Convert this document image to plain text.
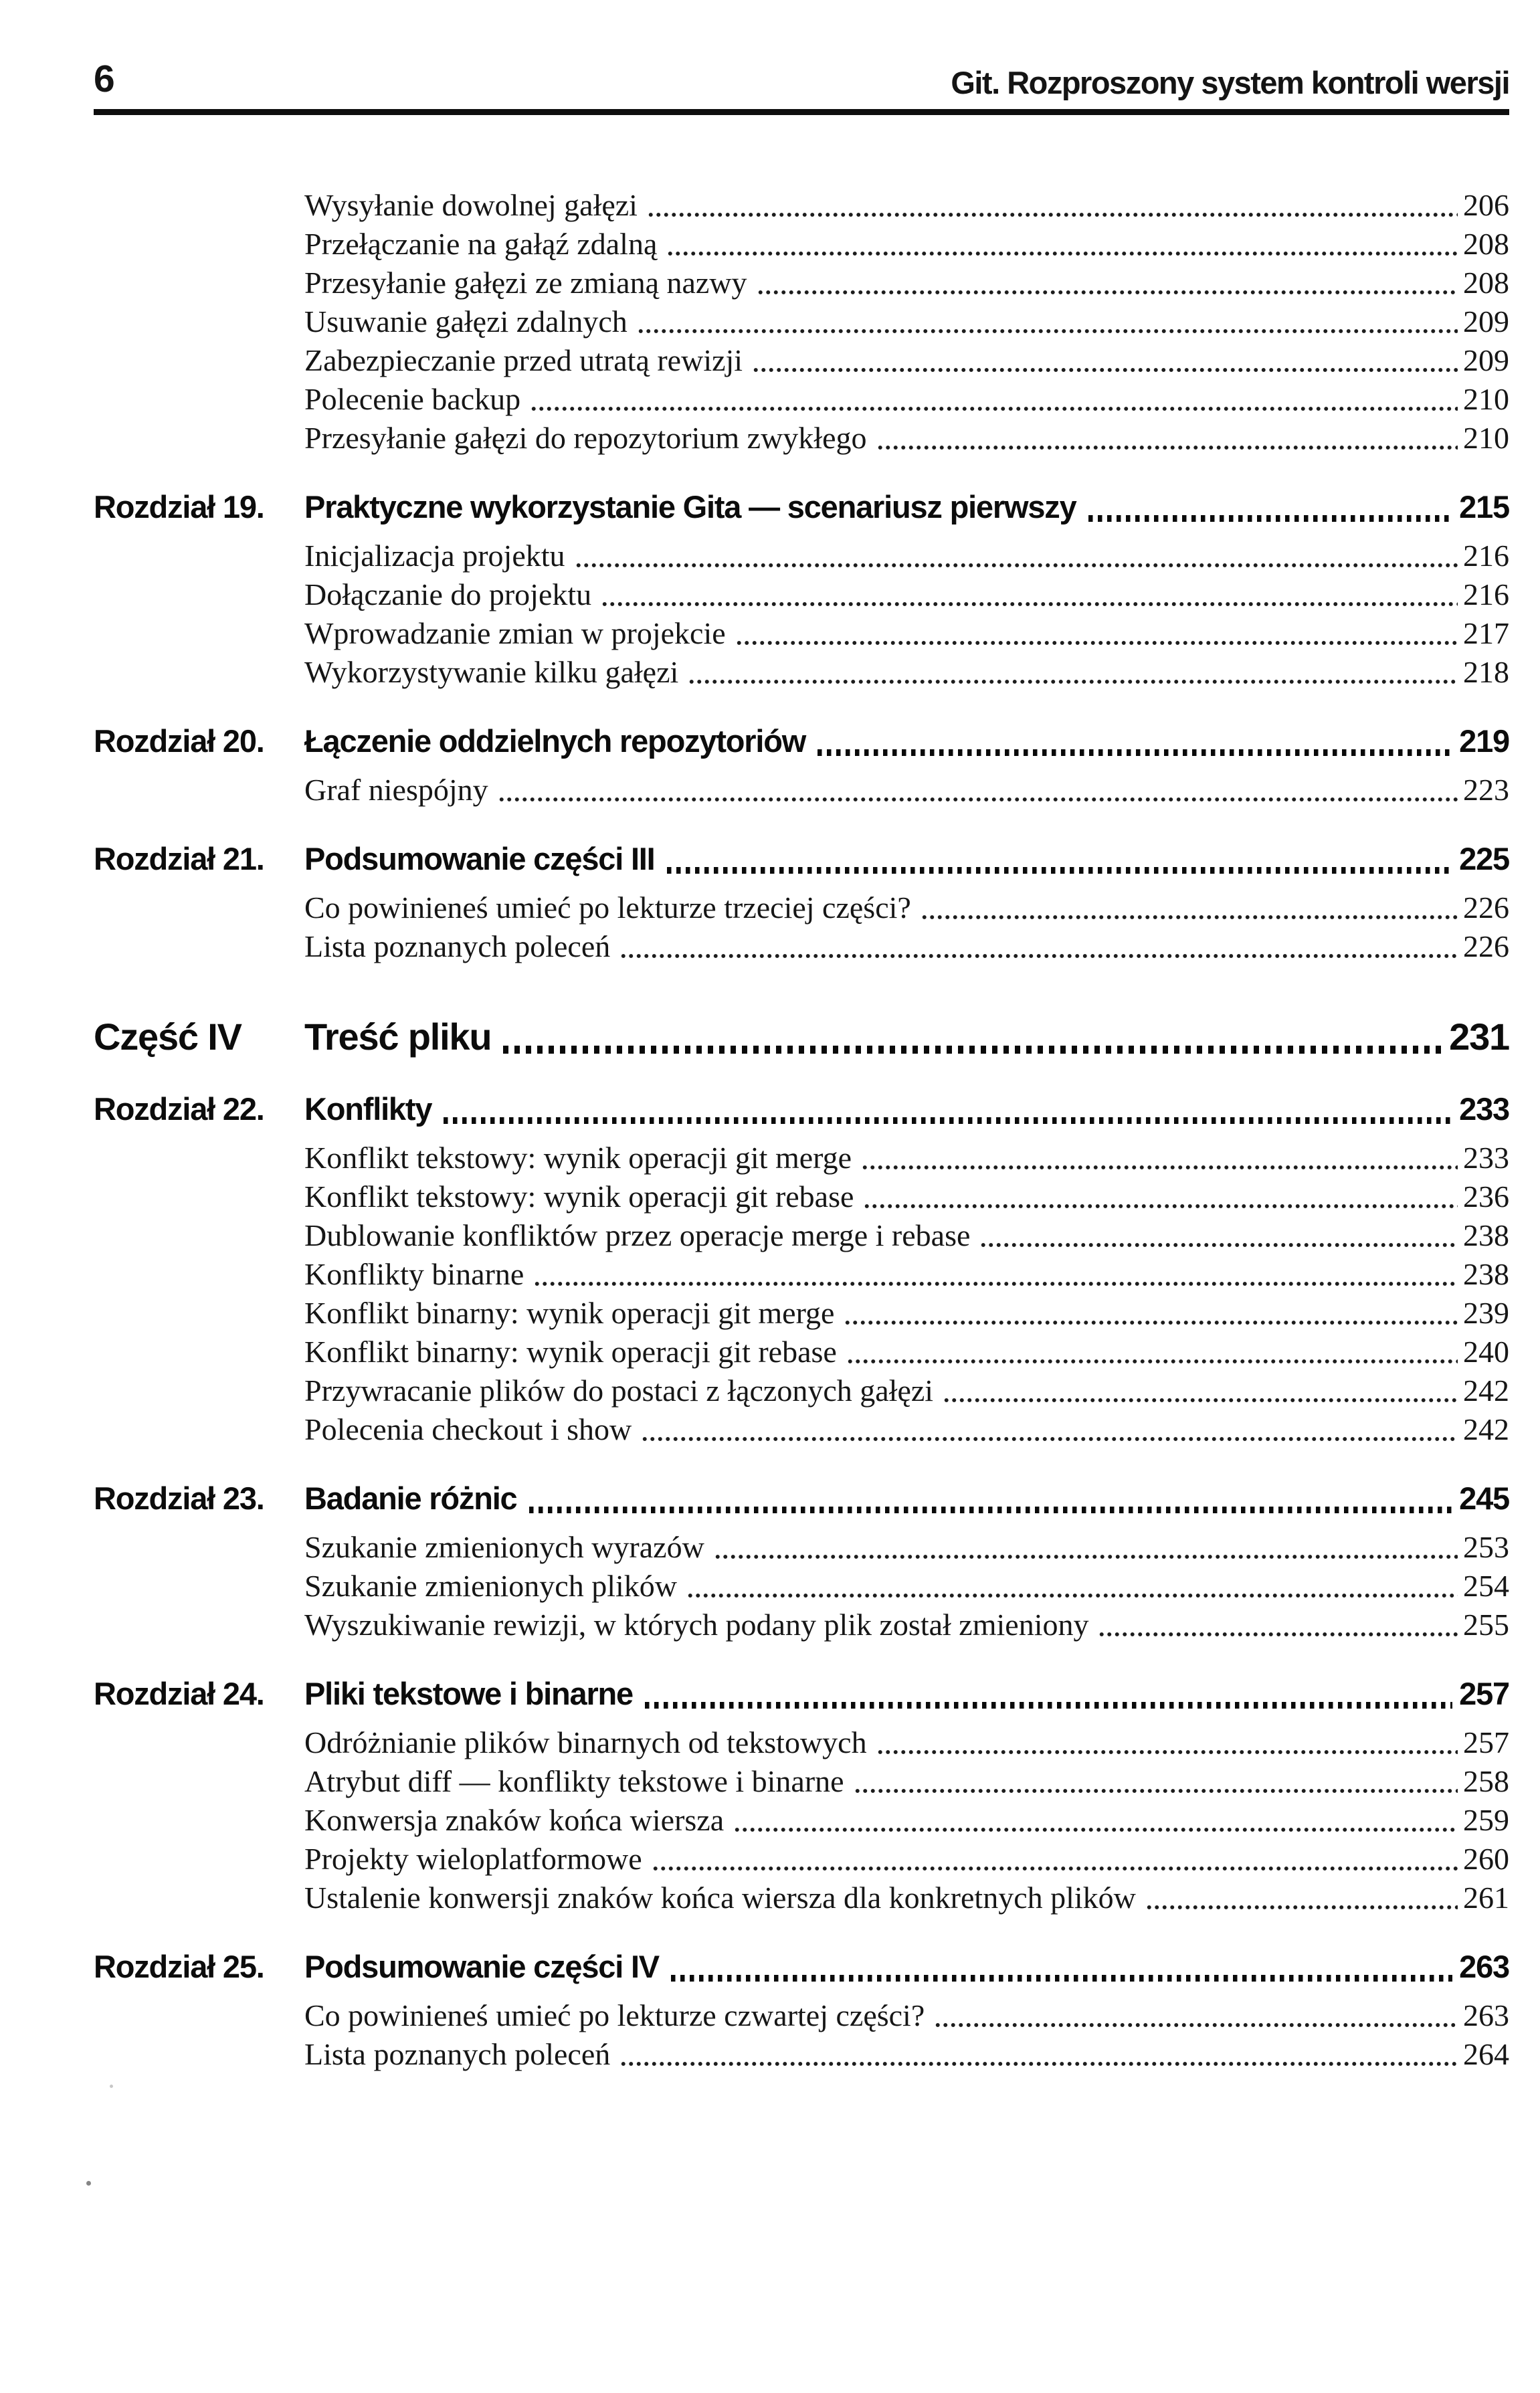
6	Git. Rozproszony system kontroli wersji
Wysyłanie dowolnej gałęzi	206
Przełączanie na gałąź zdalną	208
Przesyłanie gałęzi ze zmianą nazwy	208
Usuwanie gałęzi zdalnych	209
Zabezpieczanie przed utratą rewizji	209
Polecenie backup	210
Przesyłanie gałęzi do repozytorium zwykłego	210
Rozdział 19.	Praktyczne wykorzystanie Gita — scenariusz pierwszy	215
Inicjalizacja projektu	216
Dołączanie do projektu	216
Wprowadzanie zmian w projekcie	217
Wykorzystywanie kilku gałęzi	218
Rozdział 20.	Łączenie oddzielnych repozytoriów	219
Graf niespójny	223
Rozdział 21.	Podsumowanie części III	225
Co powinieneś umieć po lekturze trzeciej części?	226
Lista poznanych poleceń	226
Część IV	Treść pliku	231
Rozdział 22.	Konflikty	233
Konflikt tekstowy: wynik operacji git merge	233
Konflikt tekstowy: wynik operacji git rebase	236
Dublowanie konfliktów przez operacje merge i rebase	238
Konflikty binarne	238
Konflikt binarny: wynik operacji git merge	239
Konflikt binarny: wynik operacji git rebase	240
Przywracanie plików do postaci z łączonych gałęzi	242
Polecenia checkout i show	242
Rozdział 23.	Badanie różnic	245
Szukanie zmienionych wyrazów	253
Szukanie zmienionych plików	254
Wyszukiwanie rewizji, w których podany plik został zmieniony	255
Rozdział 24.	Pliki tekstowe i binarne	257
Odróżnianie plików binarnych od tekstowych	257
Atrybut diff — konflikty tekstowe i binarne	258
Konwersja znaków końca wiersza	259
Projekty wieloplatformowe	260
Ustalenie konwersji znaków końca wiersza dla konkretnych plików	261
Rozdział 25.	Podsumowanie części IV	263
Co powinieneś umieć po lekturze czwartej części?	263
Lista poznanych poleceń	264
